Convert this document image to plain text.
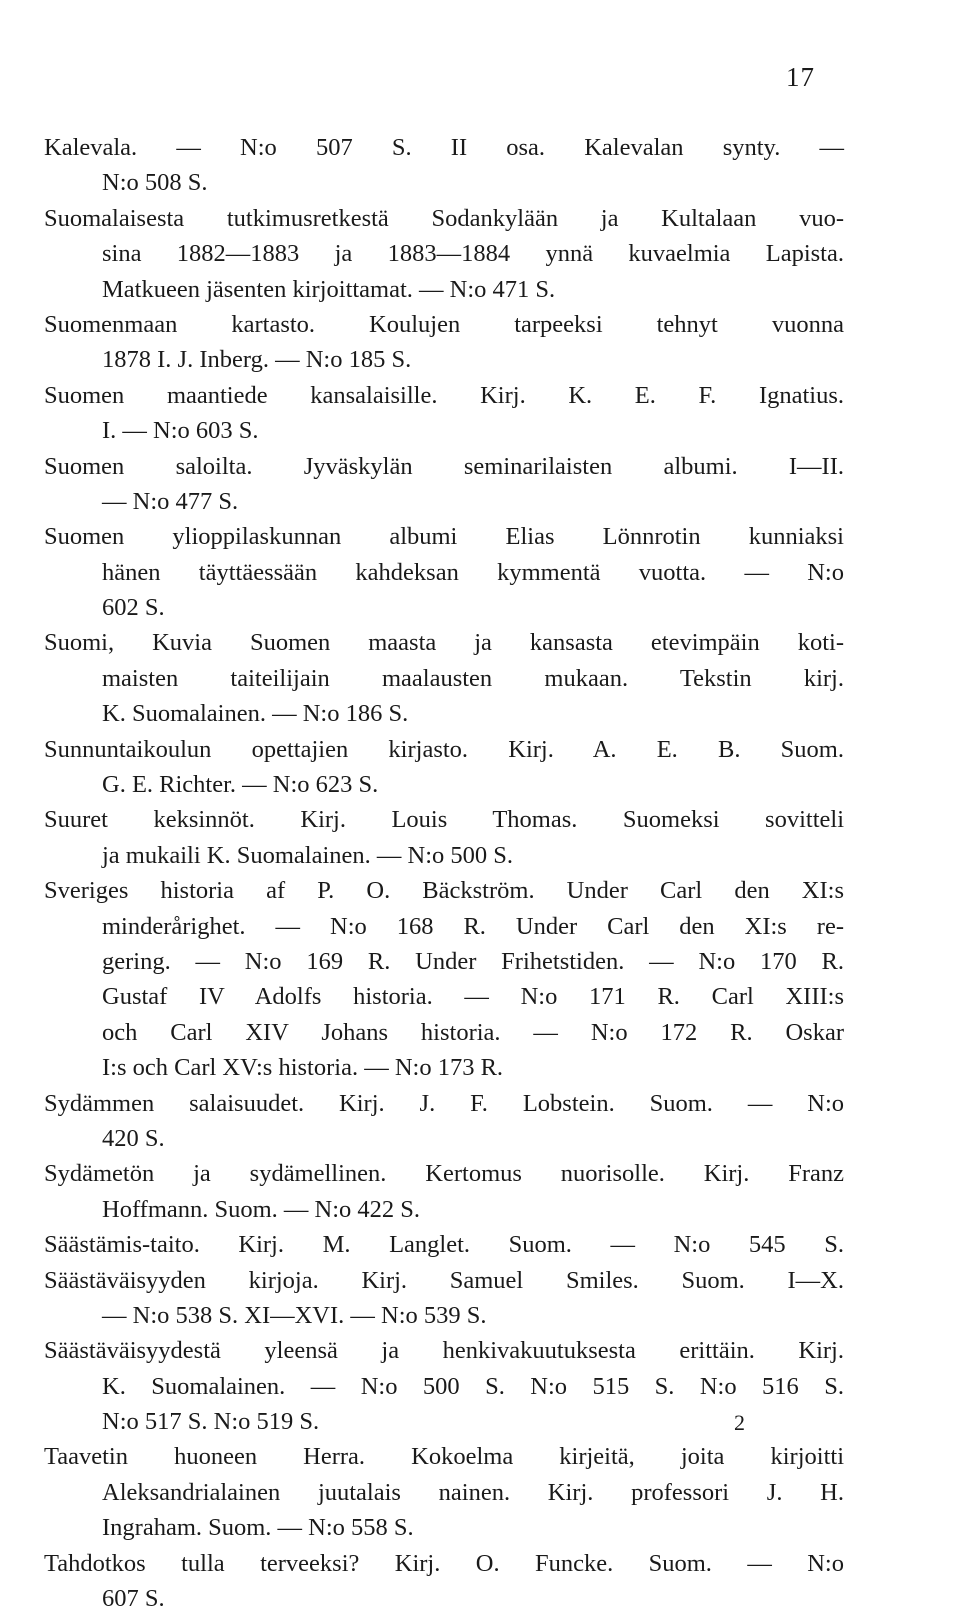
17
Kalevala. — N:o 507 S. II osa. Kalevalan synty. —
N:o 508 S.
Suomalaisesta tutkimusretkestä Sodankylään ja Kultalaan vuo-
sina 1882—1883 ja 1883—1884 ynnä kuvaelmia Lapista.
Matkueen jäsenten kirjoittamat. — N:o 471 S.
Suomenmaan kartasto. Koulujen tarpeeksi tehnyt vuonna
1878 I. J. Inberg. — N:o 185 S.
Suomen maantiede kansalaisille. Kirj. K. E. F. Ignatius.
I. — N:o 603 S.
Suomen saloilta. Jyväskylän seminarilaisten albumi. I—II.
— N:o 477 S.
Suomen ylioppilaskunnan albumi Elias Lönnrotin kunniaksi
hänen täyttäessään kahdeksan kymmentä vuotta. — N:o
602 S.
Suomi, Kuvia Suomen maasta ja kansasta etevimpäin koti-
maisten taiteilijain maalausten mukaan. Tekstin kirj.
K. Suomalainen. — N:o 186 S.
Sunnuntaikoulun opettajien kirjasto. Kirj. A. E. B. Suom.
G. E. Richter. — N:o 623 S.
Suuret keksinnöt. Kirj. Louis Thomas. Suomeksi sovitteli
ja mukaili K. Suomalainen. — N:o 500 S.
Sveriges historia af P. O. Bäckström. Under Carl den XI:s
minderårighet. — N:o 168 R. Under Carl den XI:s re-
gering. — N:o 169 R. Under Frihetstiden. — N:o 170 R.
Gustaf IV Adolfs historia. — N:o 171 R. Carl XIII:s
och Carl XIV Johans historia. — N:o 172 R. Oskar
I:s och Carl XV:s historia. — N:o 173 R.
Sydämmen salaisuudet. Kirj. J. F. Lobstein. Suom. — N:o
420 S.
Sydämetön ja sydämellinen. Kertomus nuorisolle. Kirj. Franz
Hoffmann. Suom. — N:o 422 S.
Säästämis-taito. Kirj. M. Langlet. Suom. — N:o 545 S.
Säästäväisyyden kirjoja. Kirj. Samuel Smiles. Suom. I—X.
— N:o 538 S. XI—XVI. — N:o 539 S.
Säästäväisyydestä yleensä ja henkivakuutuksesta erittäin. Kirj.
K. Suomalainen. — N:o 500 S. N:o 515 S. N:o 516 S.
N:o 517 S. N:o 519 S.
Taavetin huoneen Herra. Kokoelma kirjeitä, joita kirjoitti
Aleksandrialainen juutalais nainen. Kirj. professori J. H.
Ingraham. Suom. — N:o 558 S.
Tahdotkos tulla terveeksi? Kirj. O. Funcke. Suom. — N:o
607 S.
2
